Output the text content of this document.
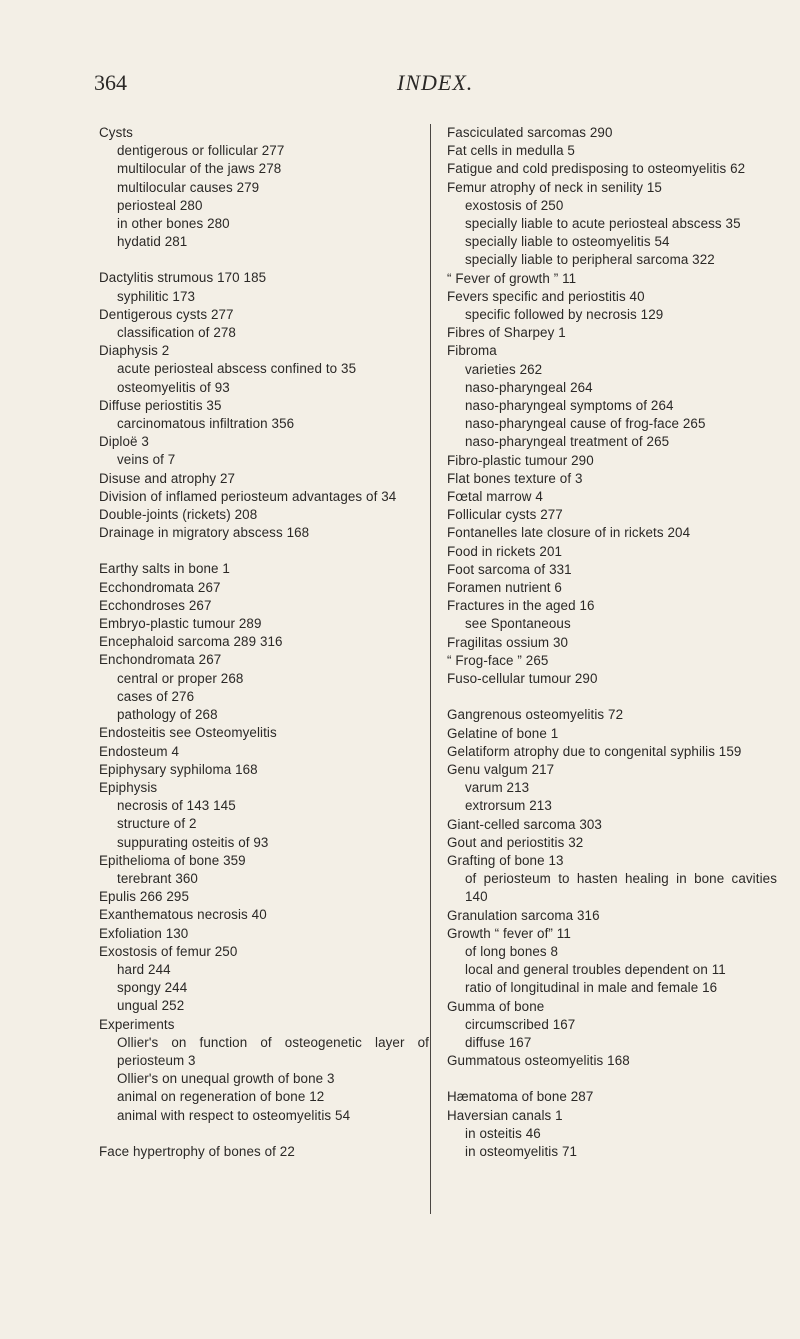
364	INDEX.
Cysts
dentigerous or follicular 277
multilocular of the jaws 278
multilocular causes 279
periosteal 280
in other bones 280
hydatid 281
Dactylitis strumous 170 185
syphilitic 173
Dentigerous cysts 277
classification of 278
Diaphysis 2
acute periosteal abscess confined to 35
osteomyelitis of 93
Diffuse periostitis 35
carcinomatous infiltration 356
Diploë 3
veins of 7
Disuse and atrophy 27
Division of inflamed periosteum advantages of 34
Double-joints (rickets) 208
Drainage in migratory abscess 168
Earthy salts in bone 1
Ecchondromata 267
Ecchondroses 267
Embryo-plastic tumour 289
Encephaloid sarcoma 289 316
Enchondromata 267
central or proper 268
cases of 276
pathology of 268
Endosteitis see Osteomyelitis
Endosteum 4
Epiphysary syphiloma 168
Epiphysis
necrosis of 143 145
structure of 2
suppurating osteitis of 93
Epithelioma of bone 359
terebrant 360
Epulis 266 295
Exanthematous necrosis 40
Exfoliation 130
Exostosis of femur 250
hard 244
spongy 244
ungual 252
Experiments
Ollier's on function of osteogenetic layer of periosteum 3
Ollier's on unequal growth of bone 3
animal on regeneration of bone 12
animal with respect to osteomyelitis 54
Face hypertrophy of bones of 22
Fasciculated sarcomas 290
Fat cells in medulla 5
Fatigue and cold predisposing to osteomyelitis 62
Femur atrophy of neck in senility 15
exostosis of 250
specially liable to acute periosteal abscess 35
specially liable to osteomyelitis 54
specially liable to peripheral sarcoma 322
“ Fever of growth ” 11
Fevers specific and periostitis 40
specific followed by necrosis 129
Fibres of Sharpey 1
Fibroma
varieties 262
naso-pharyngeal 264
naso-pharyngeal symptoms of 264
naso-pharyngeal cause of frog-face 265
naso-pharyngeal treatment of 265
Fibro-plastic tumour 290
Flat bones texture of 3
Fœtal marrow 4
Follicular cysts 277
Fontanelles late closure of in rickets 204
Food in rickets 201
Foot sarcoma of 331
Foramen nutrient 6
Fractures in the aged 16
see Spontaneous
Fragilitas ossium 30
“ Frog-face ” 265
Fuso-cellular tumour 290
Gangrenous osteomyelitis 72
Gelatine of bone 1
Gelatiform atrophy due to congenital syphilis 159
Genu valgum 217
varum 213
extrorsum 213
Giant-celled sarcoma 303
Gout and periostitis 32
Grafting of bone 13
of periosteum to hasten healing in bone cavities 140
Granulation sarcoma 316
Growth “ fever of” 11
of long bones 8
local and general troubles dependent on 11
ratio of longitudinal in male and female 16
Gumma of bone
circumscribed 167
diffuse 167
Gummatous osteomyelitis 168
Hæmatoma of bone 287
Haversian canals 1
in osteitis 46
in osteomyelitis 71
